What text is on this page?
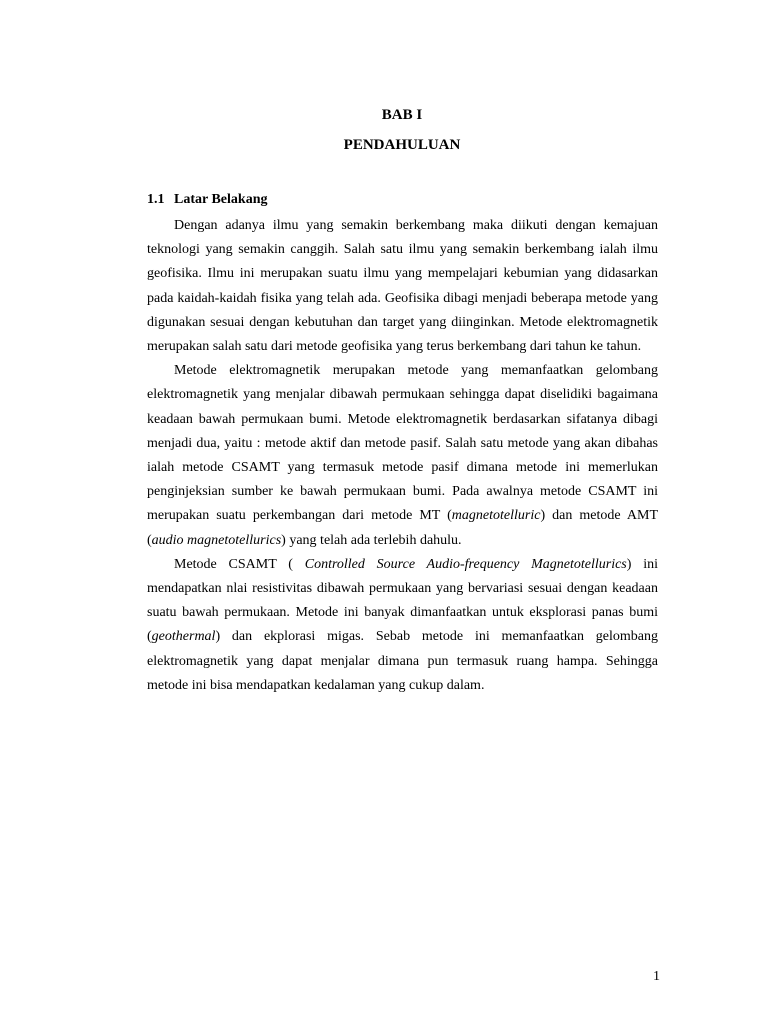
BAB I
PENDAHULUAN
1.1 Latar Belakang

Dengan adanya ilmu yang semakin berkembang maka diikuti dengan kemajuan teknologi yang semakin canggih. Salah satu ilmu yang semakin berkembang ialah ilmu geofisika. Ilmu ini merupakan suatu ilmu yang mempelajari kebumian yang didasarkan pada kaidah-kaidah fisika yang telah ada. Geofisika dibagi menjadi beberapa metode yang digunakan sesuai dengan kebutuhan dan target yang diinginkan. Metode elektromagnetik merupakan salah satu dari metode geofisika yang terus berkembang dari tahun ke tahun.

Metode elektromagnetik merupakan metode yang memanfaatkan gelombang elektromagnetik yang menjalar dibawah permukaan sehingga dapat diselidiki bagaimana keadaan bawah permukaan bumi. Metode elektromagnetik berdasarkan sifatanya dibagi menjadi dua, yaitu : metode aktif dan metode pasif. Salah satu metode yang akan dibahas ialah metode CSAMT yang termasuk metode pasif dimana metode ini memerlukan penginjeksian sumber ke bawah permukaan bumi. Pada awalnya metode CSAMT ini merupakan suatu perkembangan dari metode MT (magnetotelluric) dan metode AMT (audio magnetotellurics) yang telah ada terlebih dahulu.

Metode CSAMT ( Controlled Source Audio-frequency Magnetotellurics) ini mendapatkan nlai resistivitas dibawah permukaan yang bervariasi sesuai dengan keadaan suatu bawah permukaan. Metode ini banyak dimanfaatkan untuk eksplorasi panas bumi (geothermal) dan ekplorasi migas. Sebab metode ini memanfaatkan gelombang elektromagnetik yang dapat menjalar dimana pun termasuk ruang hampa. Sehingga metode ini bisa mendapatkan kedalaman yang cukup dalam.

1
